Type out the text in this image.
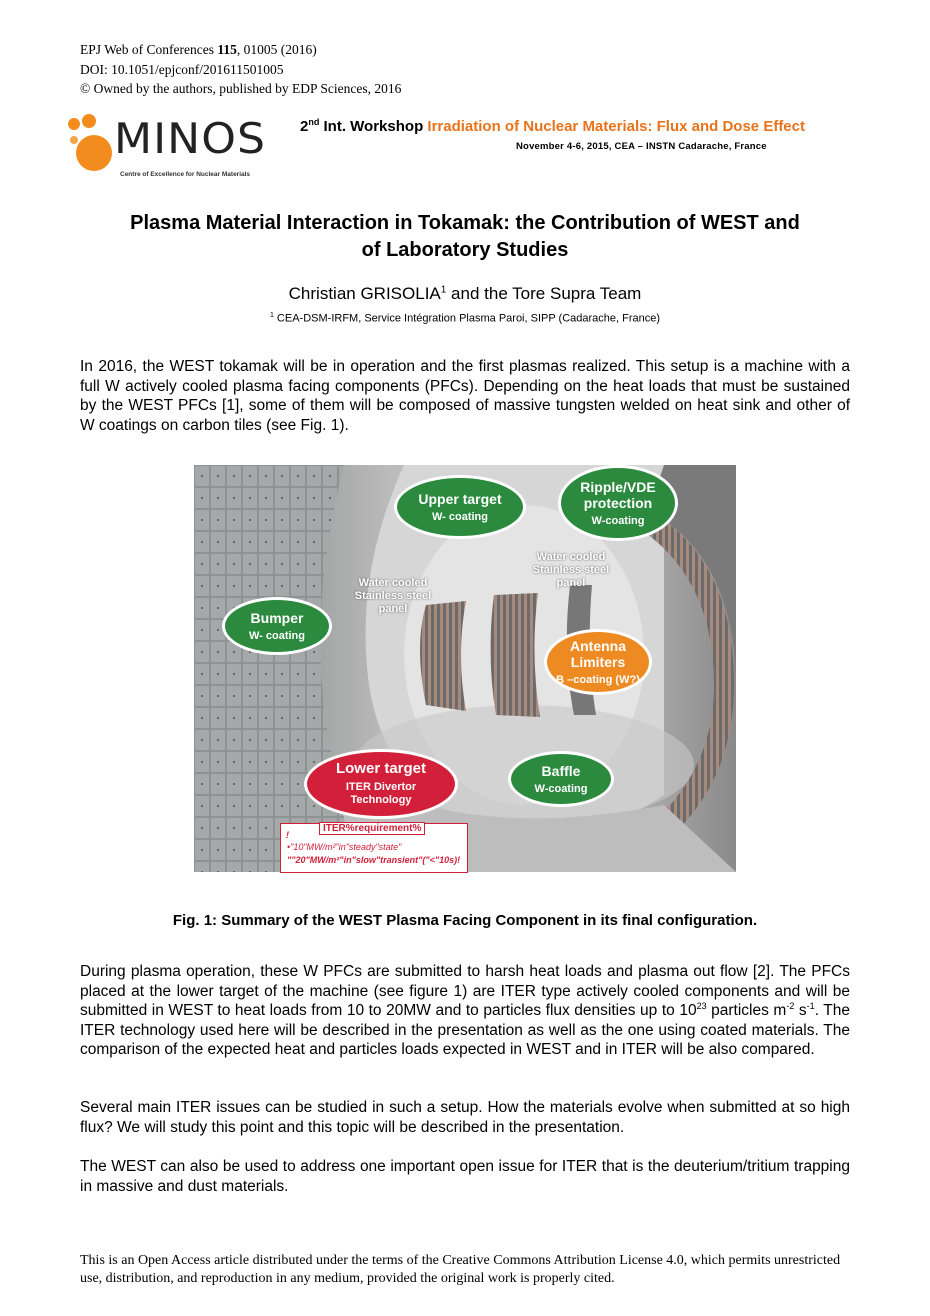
EPJ Web of Conferences 115, 01005 (2016)
DOI: 10.1051/epjconf/201611501005
© Owned by the authors, published by EDP Sciences, 2016
MINOS
Centre of Excellence for Nuclear Materials
2nd Int. Workshop Irradiation of Nuclear Materials: Flux and Dose Effect
November 4-6, 2015, CEA – INSTN Cadarache, France
Plasma Material Interaction in Tokamak: the Contribution of WEST and
of Laboratory Studies
Christian GRISOLIA$^1$ and the Tore Supra Team
$^1$ CEA-DSM-IRFM, Service Intégration Plasma Paroi, SIPP (Cadarache, France)
In 2016, the WEST tokamak will be in operation and the first plasmas realized. This setup is a machine with a full W actively cooled plasma facing components (PFCs). Depending on the heat loads that must be sustained by the WEST PFCs [1], some of them will be composed of massive tungsten welded on heat sink and other of W coatings on carbon tiles (see Fig. 1).
Upper target
W- coating
Ripple/VDE protection
W-coating
Bumper
W- coating
Antenna Limiters
B –coating (W?)
Lower target
ITER Divertor Technology
Baffle
W-coating
Water cooled Stainless steel panel
Water cooled Stainless steel panel
ITER%requirement%
!
•"10"MW/m²"in"steady"state"
""20"MW/m²"in"slow"transient"("<"10s)!
Fig. 1: Summary of the WEST Plasma Facing Component in its final configuration.
During plasma operation, these W PFCs are submitted to harsh heat loads and plasma out flow [2]. The PFCs placed at the lower target of the machine (see figure 1) are ITER type actively cooled components and will be submitted in WEST to heat loads from 10 to 20MW and to particles flux densities up to $10^{23}$ particles $m^{-2}$ $s^{-1}$. The ITER technology used here will be described in the presentation as well as the one using coated materials. The comparison of the expected heat and particles loads expected in WEST and in ITER will be also compared.
Several main ITER issues can be studied in such a setup. How the materials evolve when submitted at so high flux? We will study this point and this topic will be described in the presentation.
The WEST can also be used to address one important open issue for ITER that is the deuterium/tritium trapping in massive and dust materials.
This is an Open Access article distributed under the terms of the Creative Commons Attribution License 4.0, which permits unrestricted use, distribution, and reproduction in any medium, provided the original work is properly cited.
